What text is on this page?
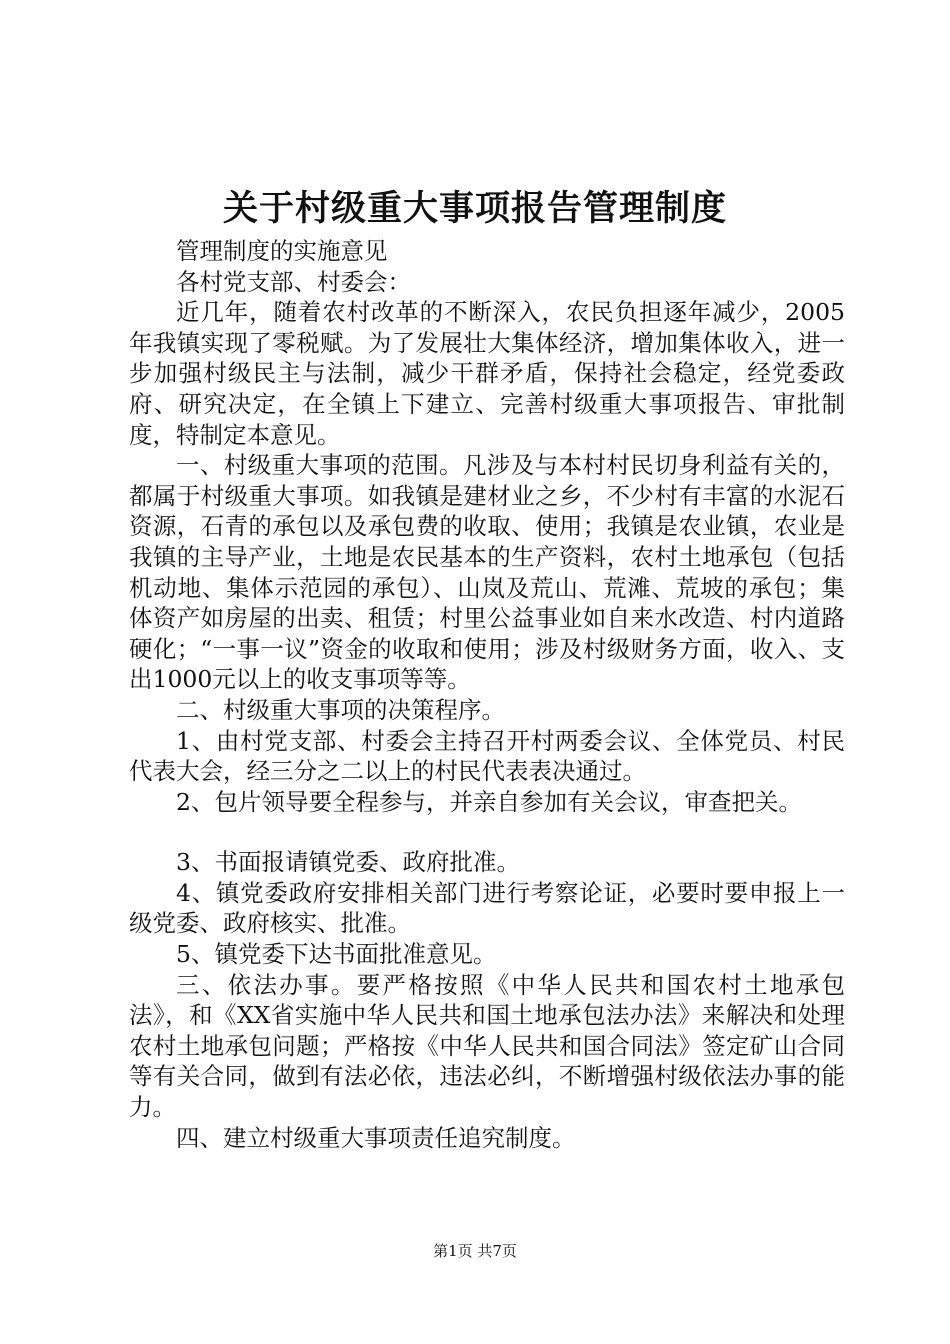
关于村级重大事项报告管理制度

管理制度的实施意见

各村党支部、村委会：

近几年，随着农村改革的不断深入，农民负担逐年减少，2005年我镇实现了零税赋。为了发展壮大集体经济，增加集体收入，进一步加强村级民主与法制，减少干群矛盾，保持社会稳定，经党委政府、研究决定，在全镇上下建立、完善村级重大事项报告、审批制度，特制定本意见。

一、村级重大事项的范围。凡涉及与本村村民切身利益有关的，都属于村级重大事项。如我镇是建材业之乡，不少村有丰富的水泥石资源，石青的承包以及承包费的收取、使用；我镇是农业镇，农业是我镇的主导产业，土地是农民基本的生产资料，农村土地承包（包括机动地、集体示范园的承包）、山岚及荒山、荒滩、荒坡的承包；集体资产如房屋的出卖、租赁；村里公益事业如自来水改造、村内道路硬化；“一事一议”资金的收取和使用；涉及村级财务方面，收入、支出1000元以上的收支事项等等。

二、村级重大事项的决策程序。

1、由村党支部、村委会主持召开村两委会议、全体党员、村民代表大会，经三分之二以上的村民代表表决通过。

2、包片领导要全程参与，并亲自参加有关会议，审查把关。

3、书面报请镇党委、政府批准。

4、镇党委政府安排相关部门进行考察论证，必要时要申报上一级党委、政府核实、批准。

5、镇党委下达书面批准意见。

三、依法办事。要严格按照《中华人民共和国农村土地承包法》，和《XX省实施中华人民共和国土地承包法办法》来解决和处理农村土地承包问题；严格按《中华人民共和国合同法》签定矿山合同等有关合同，做到有法必依，违法必纠，不断增强村级依法办事的能力。

四、建立村级重大事项责任追究制度。

第1页 共7页
